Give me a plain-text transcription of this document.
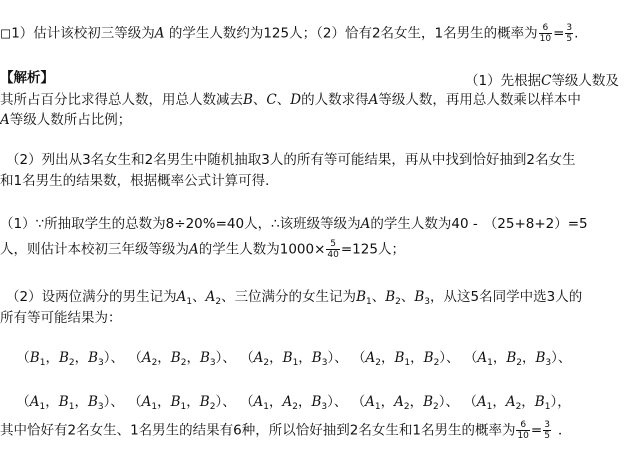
◻1）估计该校初三等级为A 的学生人数约为125人；（2）恰有2名女生，1名男生的概率为 $\frac{6}{10} = \frac{3}{5}$ .
【解析】	（1）先根据C等级人数及
其所占百分比求得总人数，用总人数减去B、C、D的人数求得A等级人数，再用总人数乘以样本中
A等级人数所占比例；
（2）列出从3名女生和2名男生中随机抽取3人的所有等可能结果，再从中找到恰好抽到2名女生
和1名男生的结果数，根据概率公式计算可得．
（1）∵所抽取学生的总数为8÷20%=40人，∴该班级等级为A的学生人数为40 - （25+8+2）=5
人，则估计本校初三年级等级为A的学生人数为$1000\times \frac{5}{40} =125$人；
（2）设两位满分的男生记为$A_1$、$A_2$、三位满分的女生记为$B_1$、$B_2$、$B_3$，从这5名同学中选3人的
所有等可能结果为：
（$B_1$，$B_2$，$B_3$）、 （$A_2$，$B_2$，$B_3$）、 （$A_2$，$B_1$，$B_3$）、 （$A_2$，$B_1$，$B_2$）、 （$A_1$，$B_2$，$B_3$）、
（$A_1$，$B_1$，$B_3$）、 （$A_1$，$B_1$，$B_2$）、 （$A_1$，$A_2$，$B_3$）、 （$A_1$，$A_2$，$B_2$）、 （$A_1$，$A_2$，$B_1$），
其中恰好有2名女生、1名男生的结果有6种，所以恰好抽到2名女生和1名男生的概率为 $\frac{6}{10} = \frac{3}{5}$ ．
